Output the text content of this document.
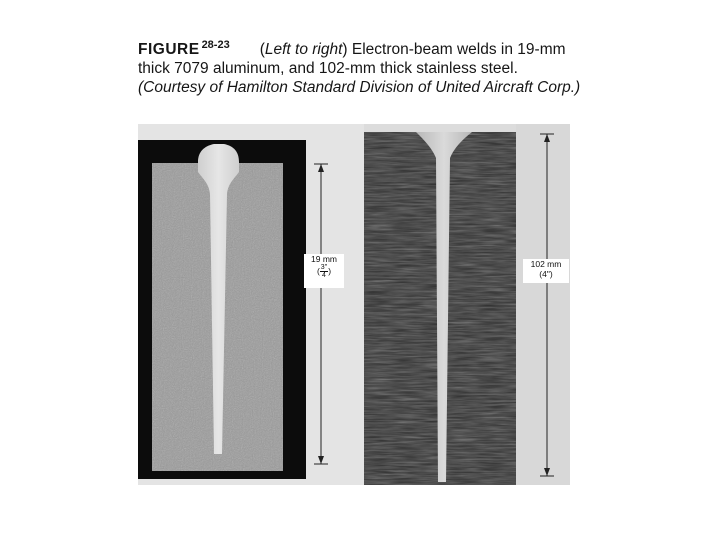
FIGURE $^{28-23}$ (Left to right) Electron-beam welds in 19-mm thick 7079 aluminum, and 102-mm thick stainless steel. (Courtesy of Hamilton Standard Division of United Aircraft Corp.)
19 mm
( $\frac{3"}{4}$ )
102 mm
(4")
